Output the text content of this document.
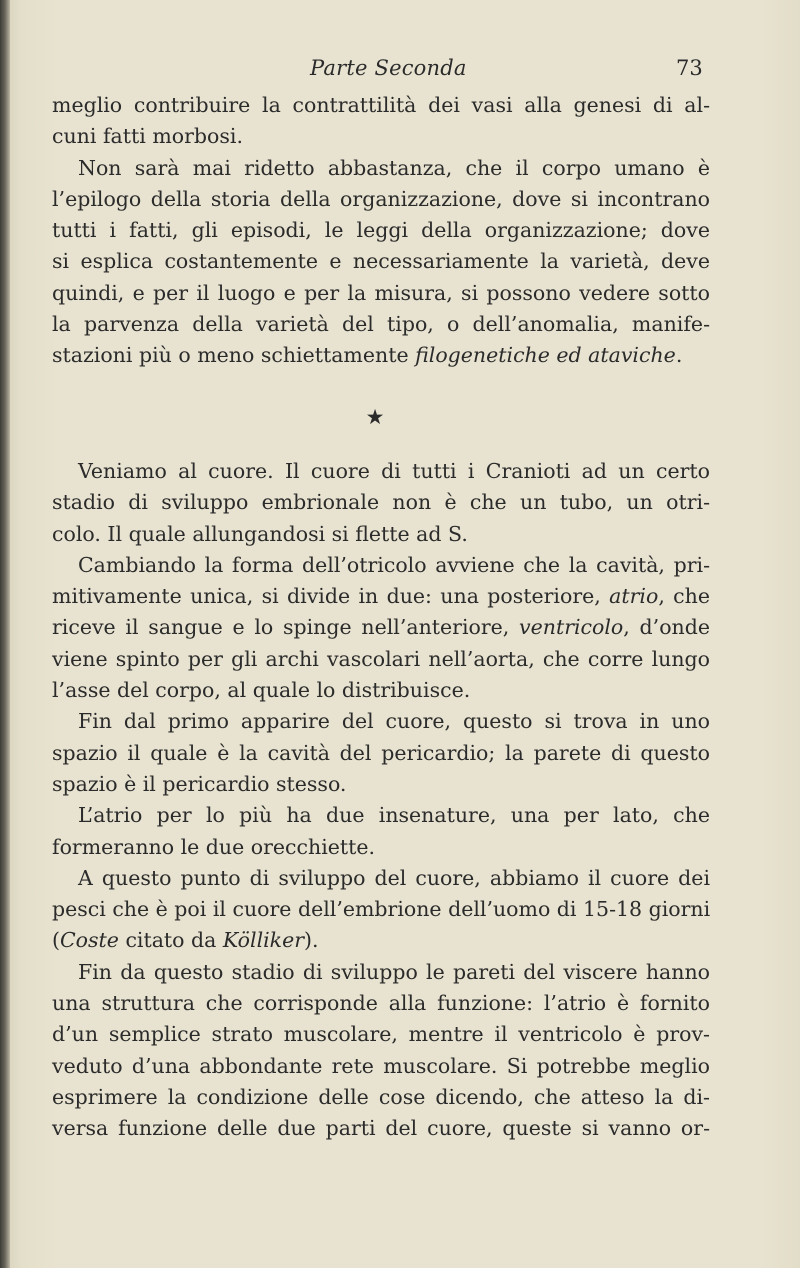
Parte Seconda	73
meglio contribuire la contrattilità dei vasi alla genesi di al-
cuni fatti morbosi.
Non sarà mai ridetto abbastanza, che il corpo umano è
l’epilogo della storia della organizzazione, dove si incontrano
tutti i fatti, gli episodi, le leggi della organizzazione; dove
si esplica costantemente e necessariamente la varietà, deve
quindi, e per il luogo e per la misura, si possono vedere sotto
la parvenza della varietà del tipo, o dell’anomalia, manife-
stazioni più o meno schiettamente filogenetiche ed ataviche.
★
Veniamo al cuore. Il cuore di tutti i Cranioti ad un certo
stadio di sviluppo embrionale non è che un tubo, un otri-
colo. Il quale allungandosi si flette ad S.
Cambiando la forma dell’otricolo avviene che la cavità, pri-
mitivamente unica, si divide in due: una posteriore, atrio, che
riceve il sangue e lo spinge nell’anteriore, ventricolo, d’onde
viene spinto per gli archi vascolari nell’aorta, che corre lungo
l’asse del corpo, al quale lo distribuisce.
Fin dal primo apparire del cuore, questo si trova in uno
spazio il quale è la cavità del pericardio; la parete di questo
spazio è il pericardio stesso.
L’atrio per lo più ha due insenature, una per lato, che
formeranno le due orecchiette.
A questo punto di sviluppo del cuore, abbiamo il cuore dei
pesci che è poi il cuore dell’embrione dell’uomo di 15-18 giorni
(Coste citato da Kölliker).
Fin da questo stadio di sviluppo le pareti del viscere hanno
una struttura che corrisponde alla funzione: l’atrio è fornito
d’un semplice strato muscolare, mentre il ventricolo è prov-
veduto d’una abbondante rete muscolare. Si potrebbe meglio
esprimere la condizione delle cose dicendo, che atteso la di-
versa funzione delle due parti del cuore, queste si vanno or-
